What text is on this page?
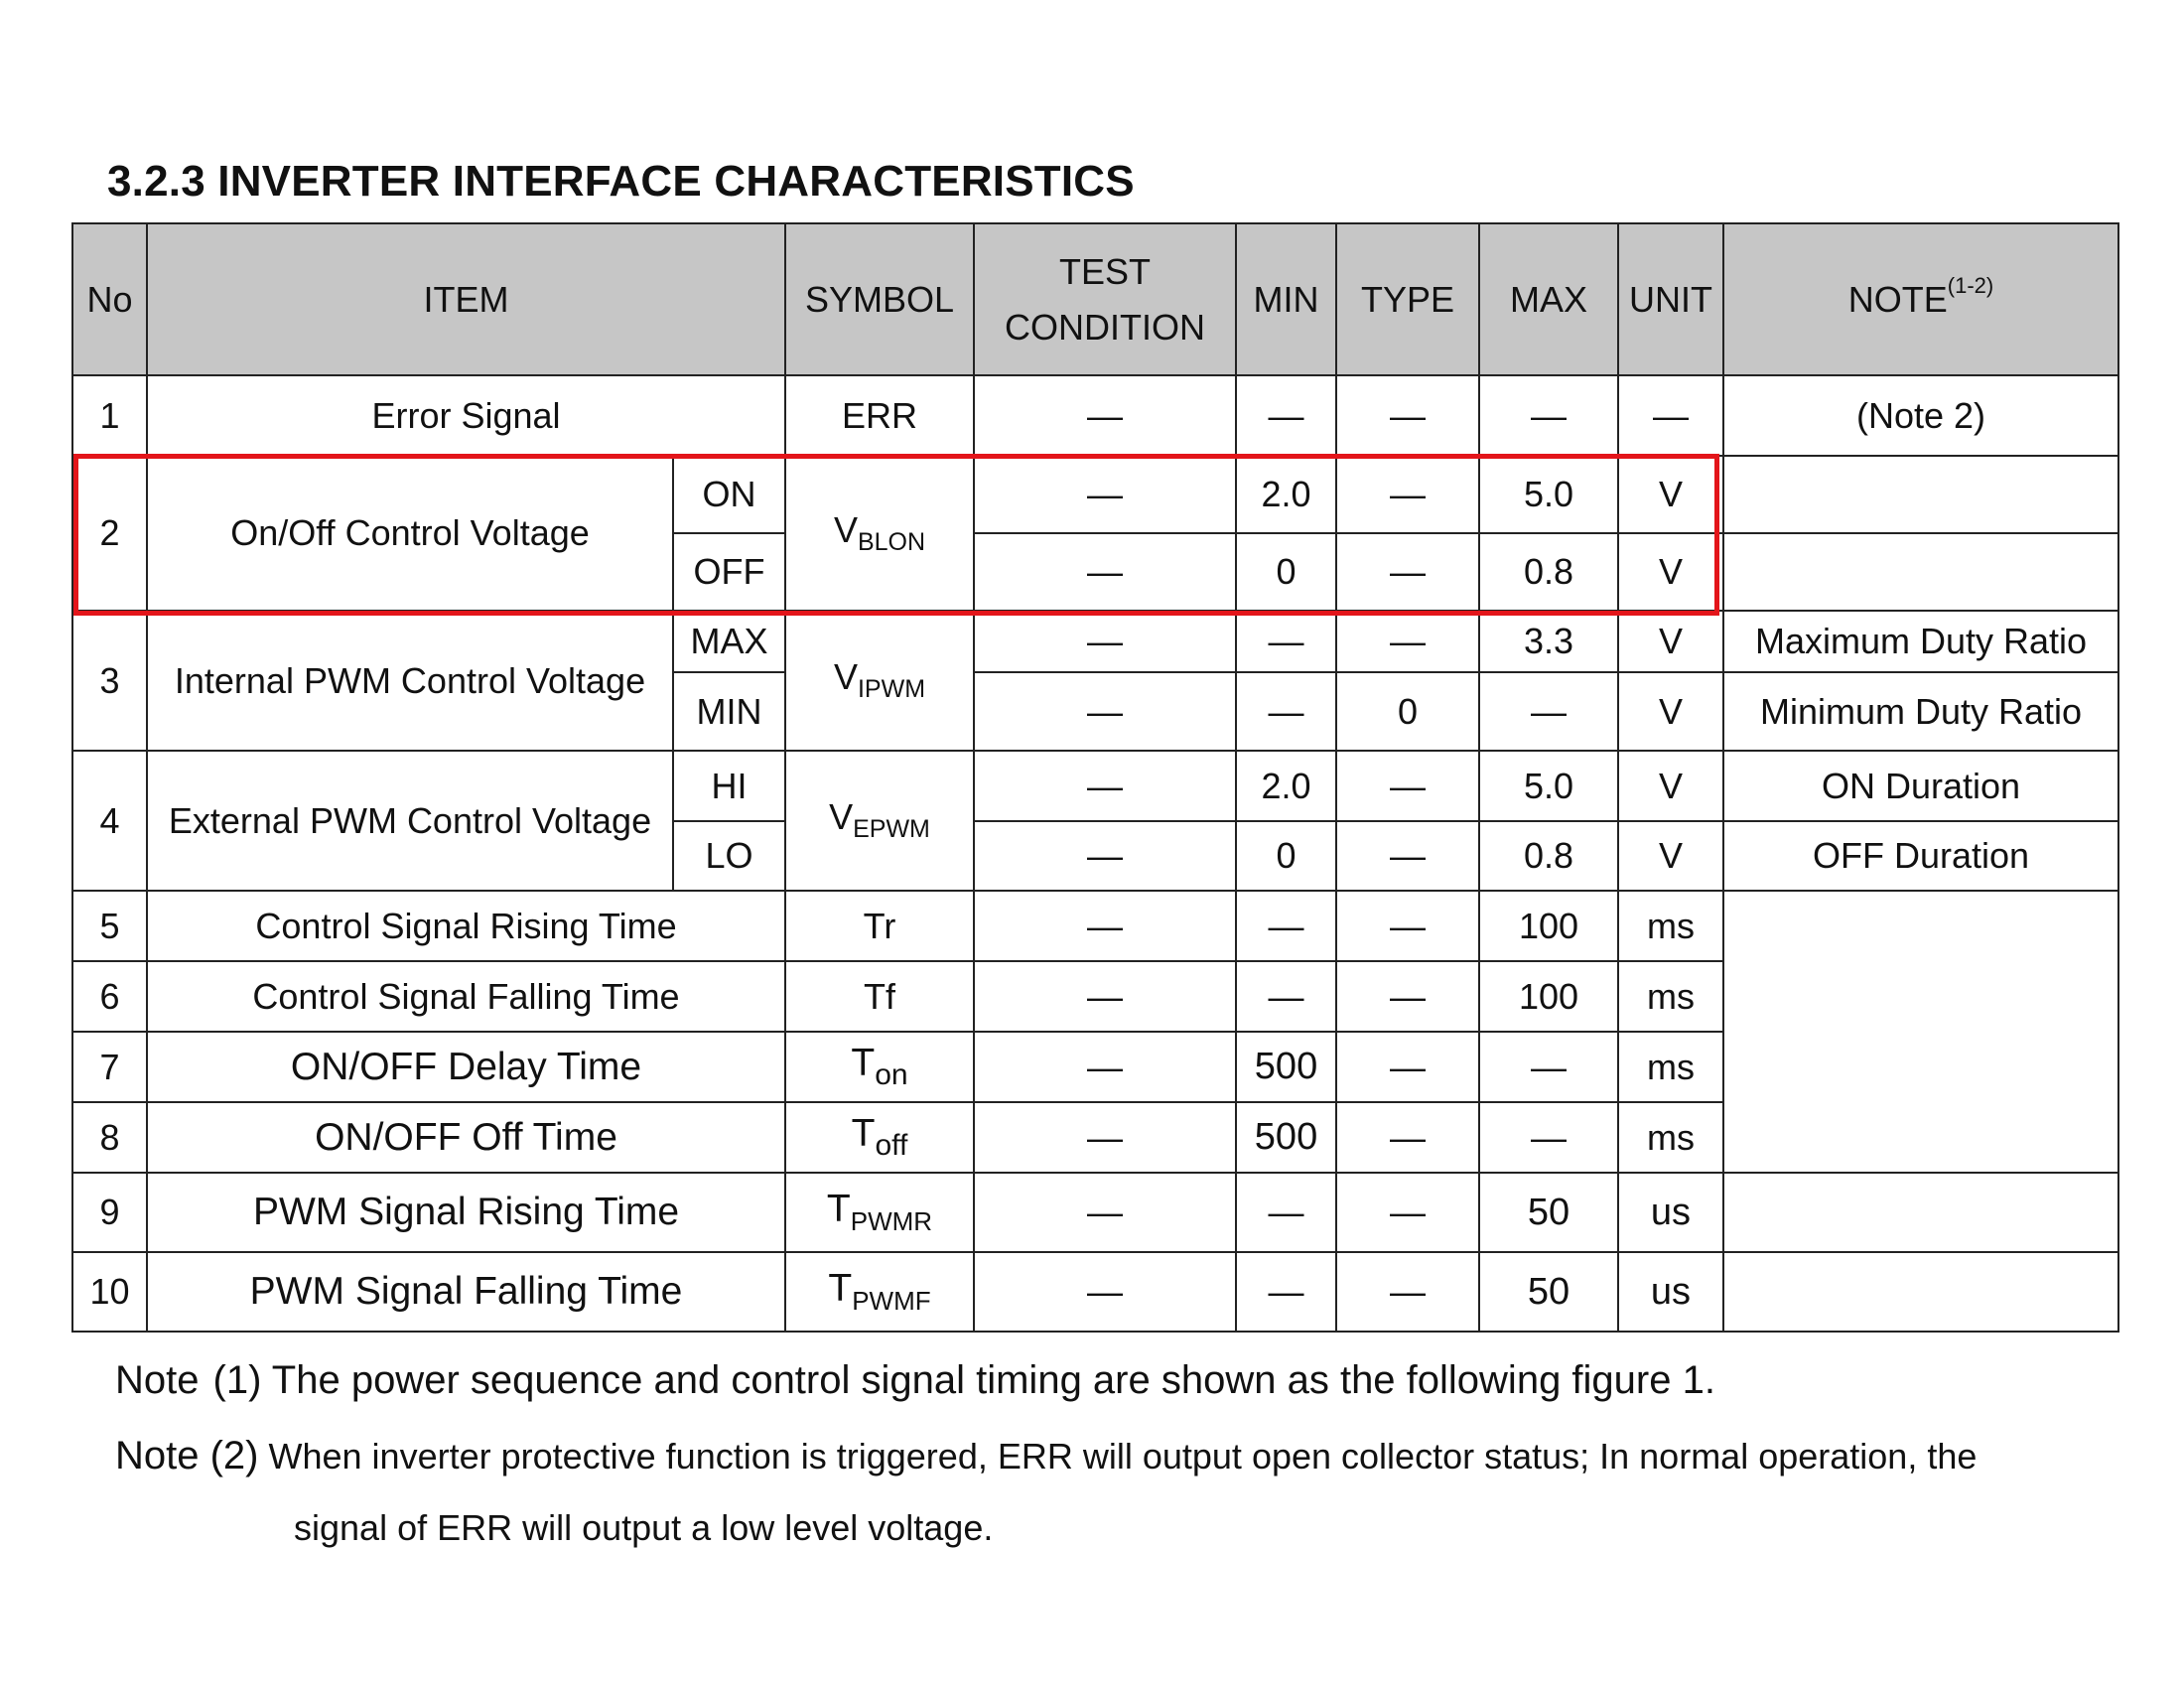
3.2.3 INVERTER INTERFACE CHARACTERISTICS
No	ITEM		SYMBOL	TEST
CONDITION	MIN	TYPE	MAX	UNIT	NOTE$^{(1-2)}$
1	Error Signal		ERR	—	—	—	—	—	(Note 2)
2	On/Off Control Voltage	ON	$V_{BLON}$	—	2.0	—	5.0	V	
		OFF		—	0	—	0.8	V	
3	Internal PWM Control Voltage	MAX	$V_{IPWM}$	—	—	—	3.3	V	Maximum Duty Ratio
		MIN		—	—	0	—	V	Minimum Duty Ratio
4	External PWM Control Voltage	HI	$V_{EPWM}$	—	2.0	—	5.0	V	ON Duration
		LO		—	0	—	0.8	V	OFF Duration
5	Control Signal Rising Time		Tr	—	—	—	100	ms	
6	Control Signal Falling Time		Tf	—	—	—	100	ms	
7	ON/OFF Delay Time		$T_{on}$	—	500	—	—	ms	
8	ON/OFF Off Time		$T_{off}$	—	500	—	—	ms	
9	PWM Signal Rising Time		$T_{PWMR}$	—	—	—	50	us	
10	PWM Signal Falling Time		$T_{PWMF}$	—	—	—	50	us	
Note (1) The power sequence and control signal timing are shown as the following figure 1.
Note (2) When inverter protective function is triggered, ERR will output open collector status; In normal operation, the
signal of ERR will output a low level voltage.
